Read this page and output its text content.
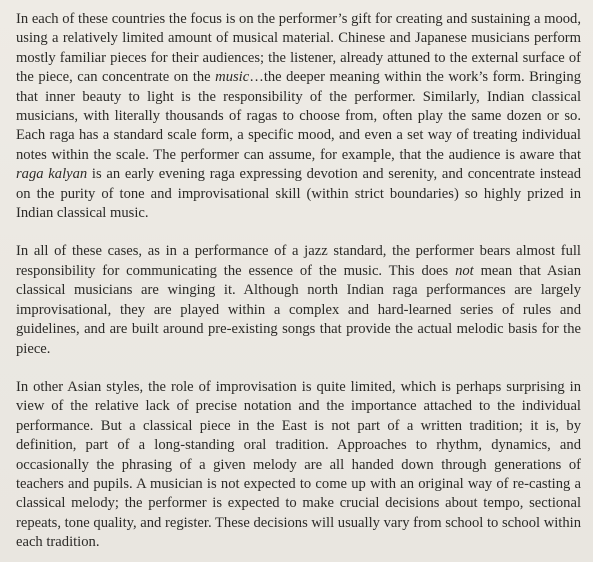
In each of these countries the focus is on the performer’s gift for creating and sustaining a mood, using a relatively limited amount of musical material. Chinese and Japanese musicians perform mostly familiar pieces for their audiences; the listener, already attuned to the external surface of the piece, can concentrate on the music…the deeper meaning within the work’s form. Bringing that inner beauty to light is the responsibility of the performer. Similarly, Indian classical musicians, with literally thousands of ragas to choose from, often play the same dozen or so. Each raga has a standard scale form, a specific mood, and even a set way of treating individual notes within the scale. The performer can assume, for example, that the audience is aware that raga kalyan is an early evening raga expressing devotion and serenity, and concentrate instead on the purity of tone and improvisational skill (within strict boundaries) so highly prized in Indian classical music.

In all of these cases, as in a performance of a jazz standard, the performer bears almost full responsibility for communicating the essence of the music. This does not mean that Asian classical musicians are winging it. Although north Indian raga performances are largely improvisational, they are played within a complex and hard-learned series of rules and guidelines, and are built around pre-existing songs that provide the actual melodic basis for the piece.

In other Asian styles, the role of improvisation is quite limited, which is perhaps surprising in view of the relative lack of precise notation and the importance attached to the individual performance. But a classical piece in the East is not part of a written tradition; it is, by definition, part of a long-standing oral tradition. Approaches to rhythm, dynamics, and occasionally the phrasing of a given melody are all handed down through generations of teachers and pupils. A musician is not expected to come up with an original way of re-casting a classical melody; the performer is expected to make crucial decisions about tempo, sectional repeats, tone quality, and register. These decisions will usually vary from school to school within each tradition.
